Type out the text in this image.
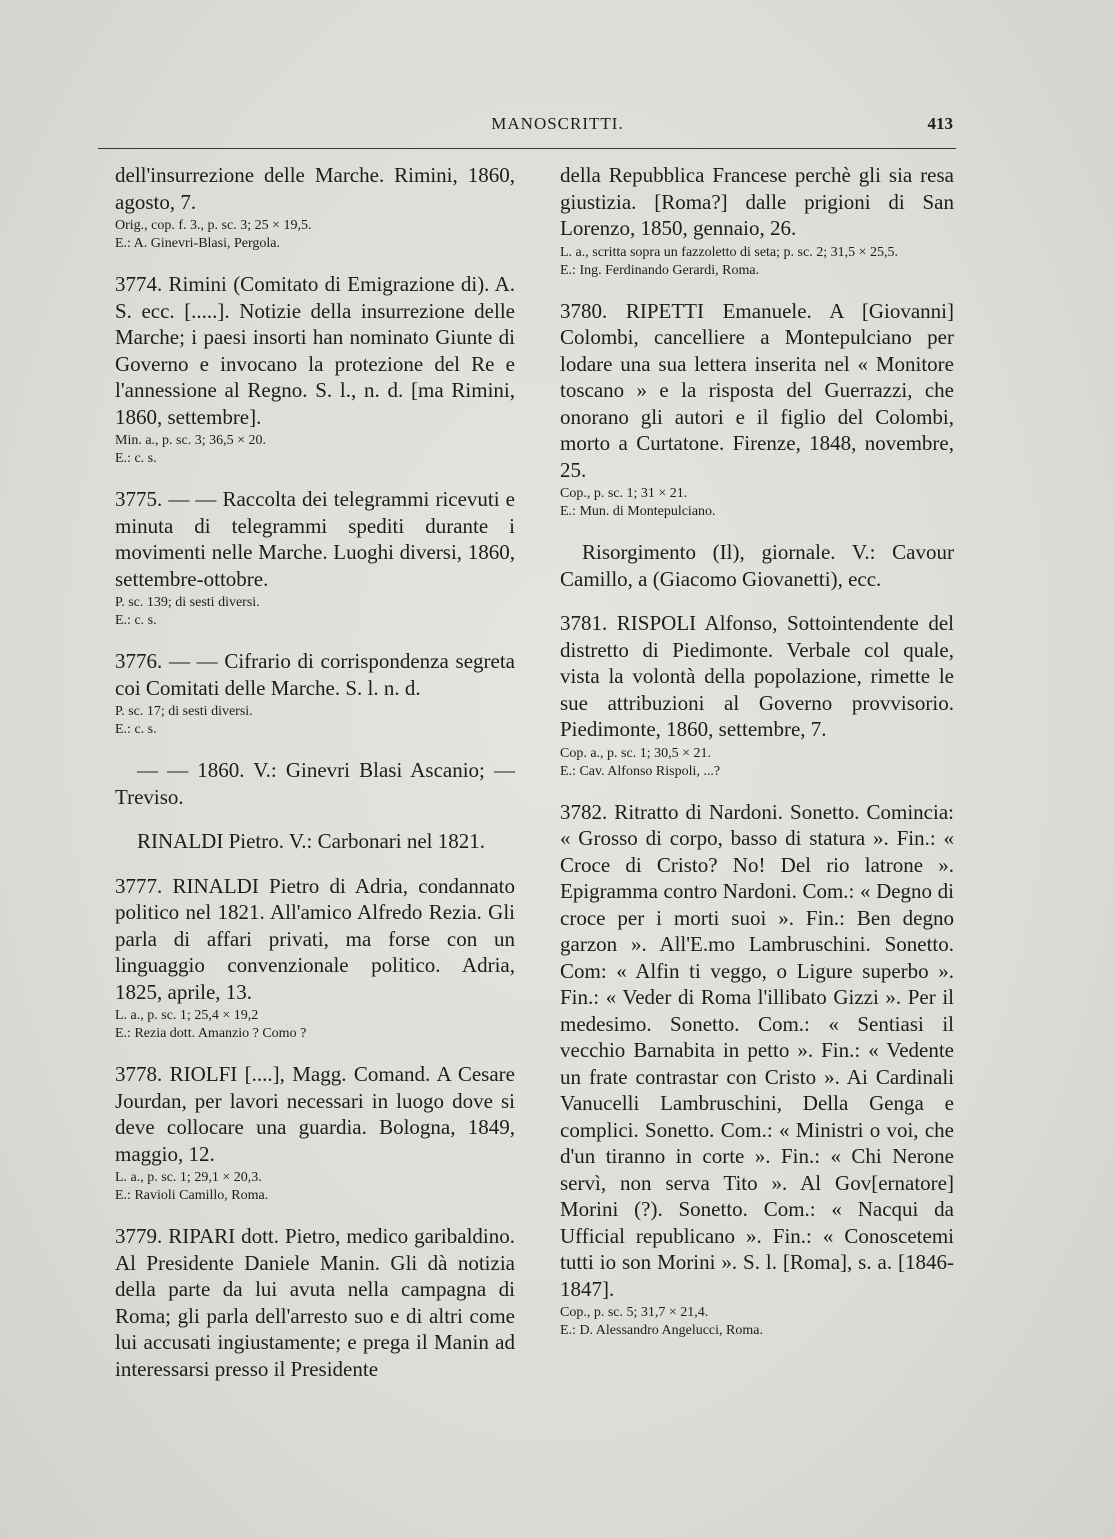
MANOSCRITTI.	413

dell'insurrezione delle Marche. Rimini, 1860, agosto, 7.

Orig., cop. f. 3., p. sc. 3; 25 × 19,5.
E.: A. Ginevri-Blasi, Pergola.

3774. Rimini (Comitato di Emigrazione di). A. S. ecc. [.....]. Notizie della insurrezione delle Marche; i paesi insorti han nominato Giunte di Governo e invocano la protezione del Re e l'annessione al Regno. S. l., n. d. [ma Rimini, 1860, settembre].

Min. a., p. sc. 3; 36,5 × 20.
E.: c. s.

3775. — — Raccolta dei telegrammi ricevuti e minuta di telegrammi spediti durante i movimenti nelle Marche. Luoghi diversi, 1860, settembre-ottobre.

P. sc. 139; di sesti diversi.
E.: c. s.

3776. — — Cifrario di corrispondenza segreta coi Comitati delle Marche. S. l. n. d.

P. sc. 17; di sesti diversi.
E.: c. s.

— — 1860. V.: Ginevri Blasi Ascanio; — Treviso.

RINALDI Pietro. V.: Carbonari nel 1821.

3777. RINALDI Pietro di Adria, condannato politico nel 1821. All'amico Alfredo Rezia. Gli parla di affari privati, ma forse con un linguaggio convenzionale politico. Adria, 1825, aprile, 13.

L. a., p. sc. 1; 25,4 × 19,2
E.: Rezia dott. Amanzio ? Como ?

3778. RIOLFI [....], Magg. Comand. A Cesare Jourdan, per lavori necessari in luogo dove si deve collocare una guardia. Bologna, 1849, maggio, 12.

L. a., p. sc. 1; 29,1 × 20,3.
E.: Ravioli Camillo, Roma.

3779. RIPARI dott. Pietro, medico garibaldino. Al Presidente Daniele Manin. Gli dà notizia della parte da lui avuta nella campagna di Roma; gli parla dell'arresto suo e di altri come lui accusati ingiustamente; e prega il Manin ad interessarsi presso il Presidente

della Repubblica Francese perchè gli sia resa giustizia. [Roma?] dalle prigioni di San Lorenzo, 1850, gennaio, 26.

L. a., scritta sopra un fazzoletto di seta; p. sc. 2; 31,5 × 25,5.
E.: Ing. Ferdinando Gerardi, Roma.

3780. RIPETTI Emanuele. A [Giovanni] Colombi, cancelliere a Montepulciano per lodare una sua lettera inserita nel « Monitore toscano » e la risposta del Guerrazzi, che onorano gli autori e il figlio del Colombi, morto a Curtatone. Firenze, 1848, novembre, 25.

Cop., p. sc. 1; 31 × 21.
E.: Mun. di Montepulciano.

Risorgimento (Il), giornale. V.: Cavour Camillo, a (Giacomo Giovanetti), ecc.

3781. RISPOLI Alfonso, Sottointendente del distretto di Piedimonte. Verbale col quale, vista la volontà della popolazione, rimette le sue attribuzioni al Governo provvisorio. Piedimonte, 1860, settembre, 7.

Cop. a., p. sc. 1; 30,5 × 21.
E.: Cav. Alfonso Rispoli, ...?

3782. Ritratto di Nardoni. Sonetto. Comincia: « Grosso di corpo, basso di statura ». Fin.: « Croce di Cristo? No! Del rio latrone ». Epigramma contro Nardoni. Com.: « Degno di croce per i morti suoi ». Fin.: Ben degno garzon ». All'E.mo Lambruschini. Sonetto. Com: « Alfin ti veggo, o Ligure superbo ». Fin.: « Veder di Roma l'illibato Gizzi ». Per il medesimo. Sonetto. Com.: « Sentiasi il vecchio Barnabita in petto ». Fin.: « Vedente un frate contrastar con Cristo ». Ai Cardinali Vanucelli Lambruschini, Della Genga e complici. Sonetto. Com.: « Ministri o voi, che d'un tiranno in corte ». Fin.: « Chi Nerone servì, non serva Tito ». Al Gov[ernatore] Morini (?). Sonetto. Com.: « Nacqui da Ufficial republicano ». Fin.: « Conoscetemi tutti io son Morini ». S. l. [Roma], s. a. [1846-1847].

Cop., p. sc. 5; 31,7 × 21,4.
E.: D. Alessandro Angelucci, Roma.
